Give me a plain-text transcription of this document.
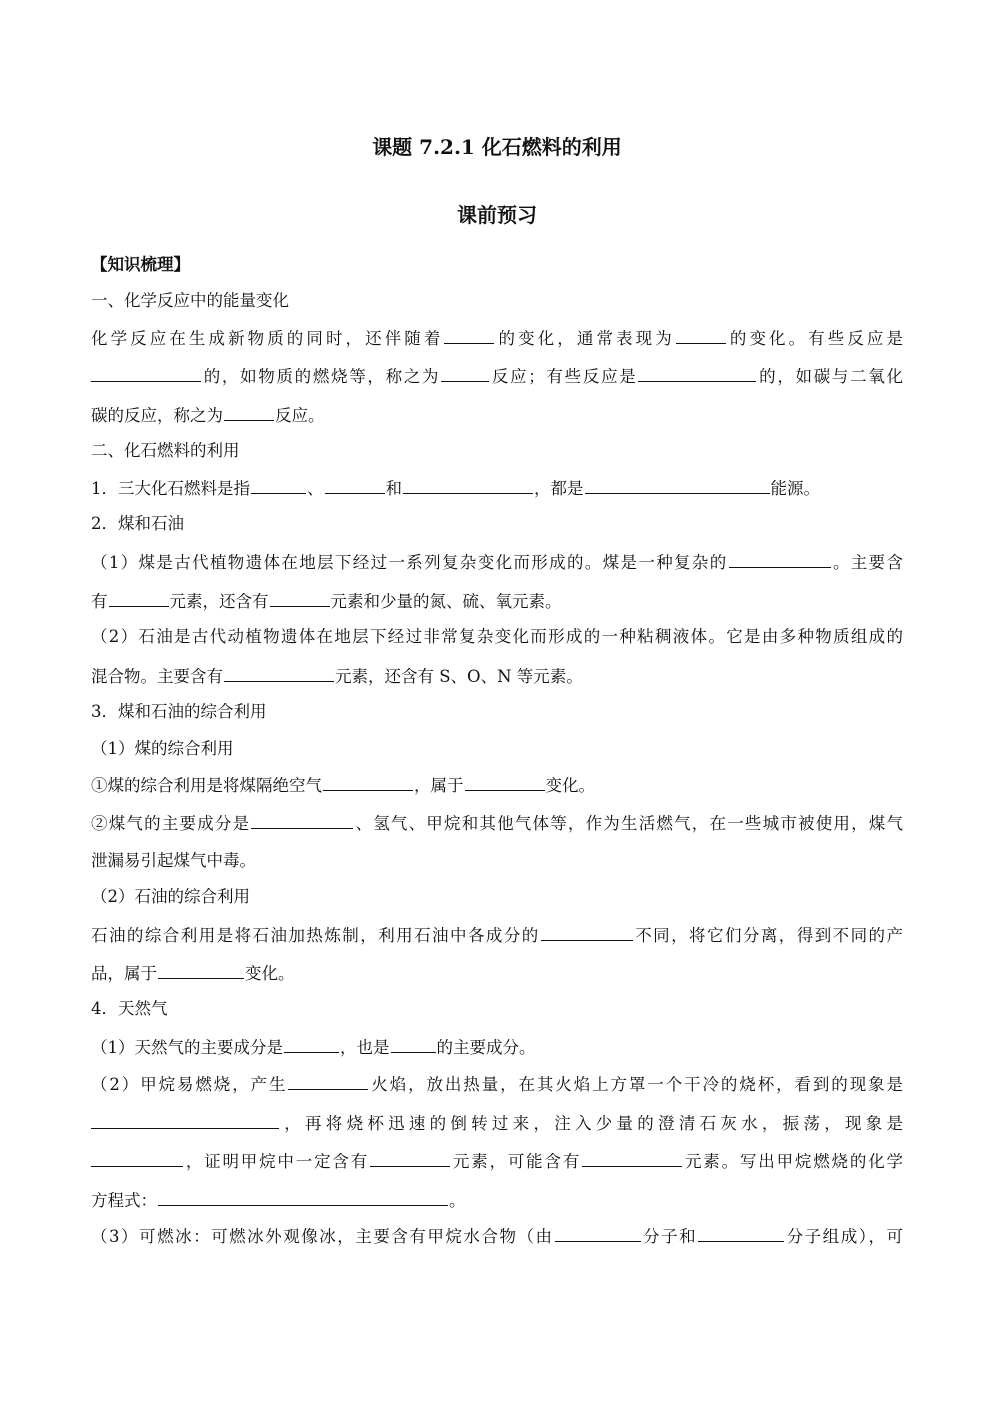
课题 7.2.1 化石燃料的利用
课前预习
【知识梳理】
一、化学反应中的能量变化
化学反应在生成新物质的同时，还伴随着	的变化，通常表现为	的变化。有些反应是
的，如物质的燃烧等，称之为	反应；有些反应是	的，如碳与二氧化
碳的反应，称之为	反应。
二、化石燃料的利用
1．三大化石燃料是指	、	和	，都是	能源。
2．煤和石油
（1）煤是古代植物遗体在地层下经过一系列复杂变化而形成的。煤是一种复杂的	。主要含
有	元素，还含有	元素和少量的氮、硫、氧元素。
（2）石油是古代动植物遗体在地层下经过非常复杂变化而形成的一种粘稠液体。它是由多种物质组成的
混合物。主要含有	元素，还含有 S、O、N 等元素。
3．煤和石油的综合利用
（1）煤的综合利用
①煤的综合利用是将煤隔绝空气	，属于	变化。
②煤气的主要成分是	、氢气、甲烷和其他气体等，作为生活燃气，在一些城市被使用，煤气
泄漏易引起煤气中毒。
（2）石油的综合利用
石油的综合利用是将石油加热炼制，利用石油中各成分的	不同，将它们分离，得到不同的产
品，属于	变化。
4．天然气
（1）天然气的主要成分是	，也是	的主要成分。
（2）甲烷易燃烧，产生	火焰，放出热量，在其火焰上方罩一个干冷的烧杯，看到的现象是
，再将烧杯迅速的倒转过来，注入少量的澄清石灰水，振荡，现象是
，证明甲烷中一定含有	元素，可能含有	元素。写出甲烷燃烧的化学
方程式：	。
（3）可燃冰：可燃冰外观像冰，主要含有甲烷水合物（由	分子和	分子组成），可
